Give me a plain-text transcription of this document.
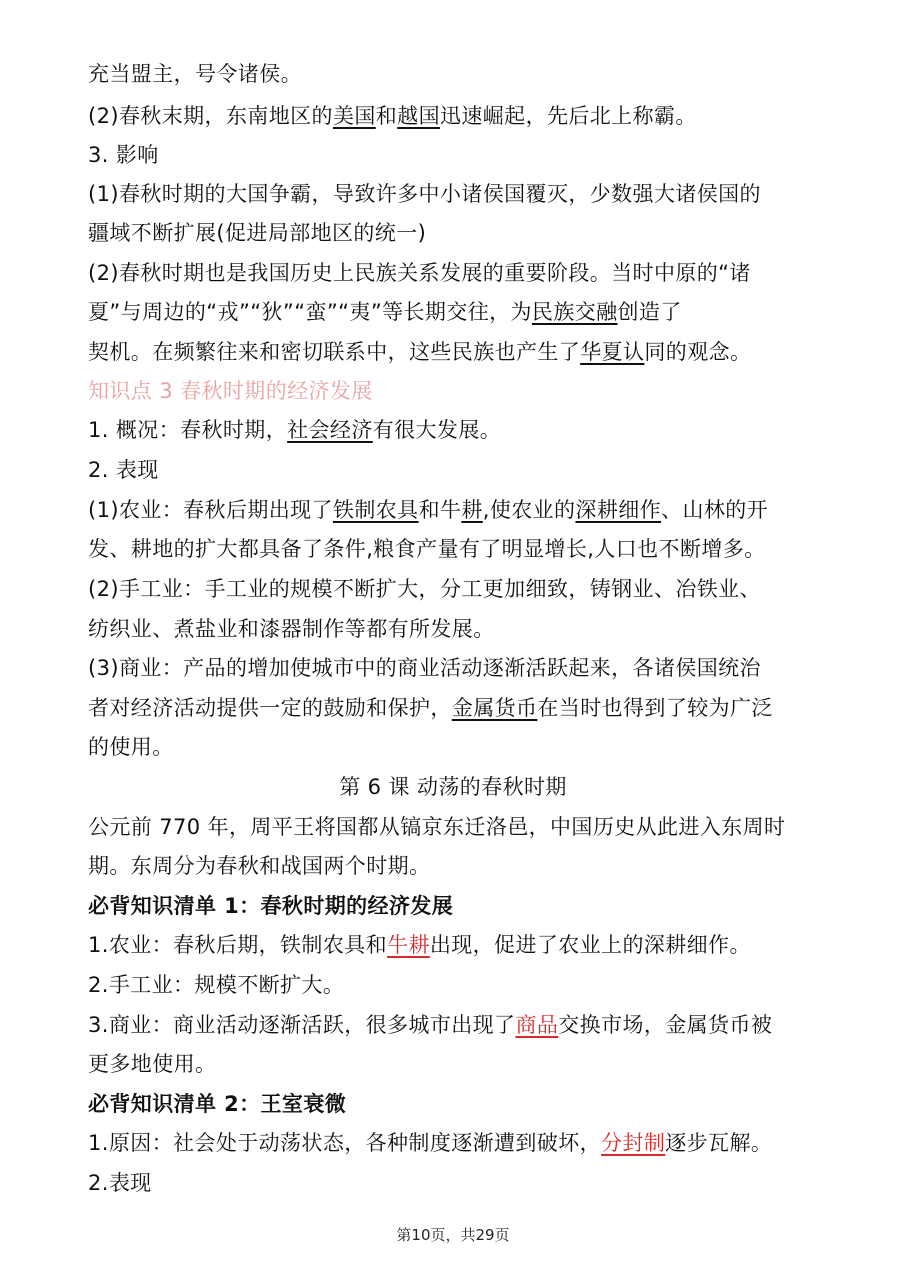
充当盟主，号令诸侯。
(2)春秋末期，东南地区的美国和越国迅速崛起，先后北上称霸。
3. 影响
(1)春秋时期的大国争霸，导致许多中小诸侯国覆灭，少数强大诸侯国的
疆域不断扩展(促进局部地区的统一)
(2)春秋时期也是我国历史上民族关系发展的重要阶段。当时中原的“诸
夏”与周边的“戎”“狄”“蛮”“夷”等长期交往，为民族交融创造了
契机。在频繁往来和密切联系中，这些民族也产生了华夏认同的观念。
知识点 3 春秋时期的经济发展
1. 概况：春秋时期，社会经济有很大发展。
2. 表现
(1)农业：春秋后期出现了铁制农具和牛耕,使农业的深耕细作、山林的开
发、耕地的扩大都具备了条件,粮食产量有了明显增长,人口也不断增多。
(2)手工业：手工业的规模不断扩大，分工更加细致，铸钢业、冶铁业、
纺织业、煮盐业和漆器制作等都有所发展。
(3)商业：产品的增加使城市中的商业活动逐渐活跃起来，各诸侯国统治
者对经济活动提供一定的鼓励和保护，金属货币在当时也得到了较为广泛
的使用。
第 6 课 动荡的春秋时期
公元前 770 年，周平王将国都从镐京东迁洛邑，中国历史从此进入东周时
期。东周分为春秋和战国两个时期。
必背知识清单 1：春秋时期的经济发展
1.农业：春秋后期，铁制农具和牛耕出现，促进了农业上的深耕细作。
2.手工业：规模不断扩大。
3.商业：商业活动逐渐活跃，很多城市出现了商品交换市场，金属货币被
更多地使用。
必背知识清单 2：王室衰微
1.原因：社会处于动荡状态，各种制度逐渐遭到破坏，分封制逐步瓦解。
2.表现
第10页，共29页
